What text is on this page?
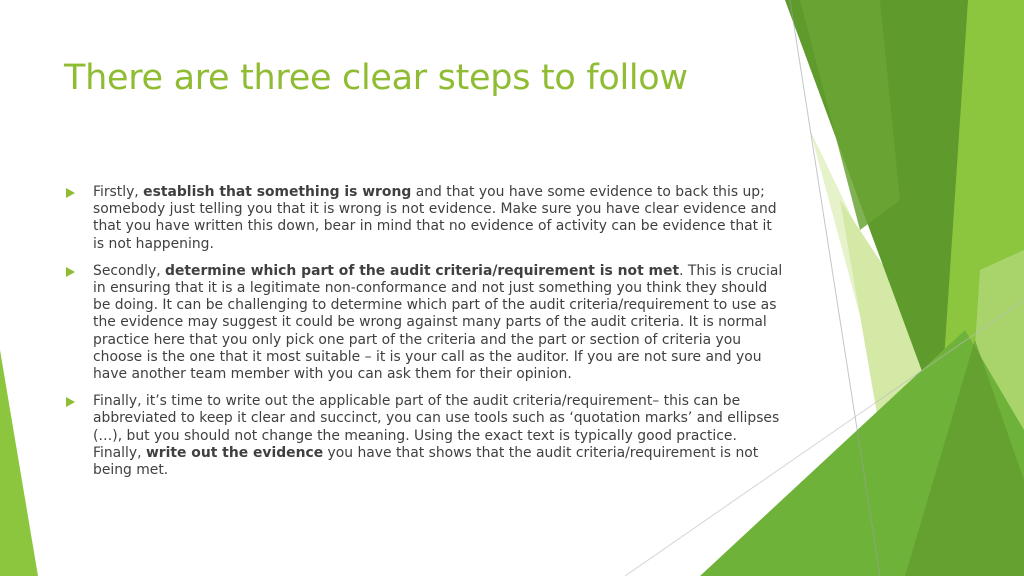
There are three clear steps to follow
Firstly, establish that something is wrong and that you have some evidence to back this up; somebody just telling you that it is wrong is not evidence. Make sure you have clear evidence and that you have written this down, bear in mind that no evidence of activity can be evidence that it is not happening.
Secondly, determine which part of the audit criteria/requirement is not met. This is crucial in ensuring that it is a legitimate non-conformance and not just something you think they should be doing. It can be challenging to determine which part of the audit criteria/requirement to use as the evidence may suggest it could be wrong against many parts of the audit criteria. It is normal practice here that you only pick one part of the criteria and the part or section of criteria you choose is the one that it most suitable – it is your call as the auditor. If you are not sure and you have another team member with you can ask them for their opinion.
Finally, it’s time to write out the applicable part of the audit criteria/requirement– this can be abbreviated to keep it clear and succinct, you can use tools such as ‘quotation marks’ and ellipses (…), but you should not change the meaning. Using the exact text is typically good practice. Finally, write out the evidence you have that shows that the audit criteria/requirement is not being met.
